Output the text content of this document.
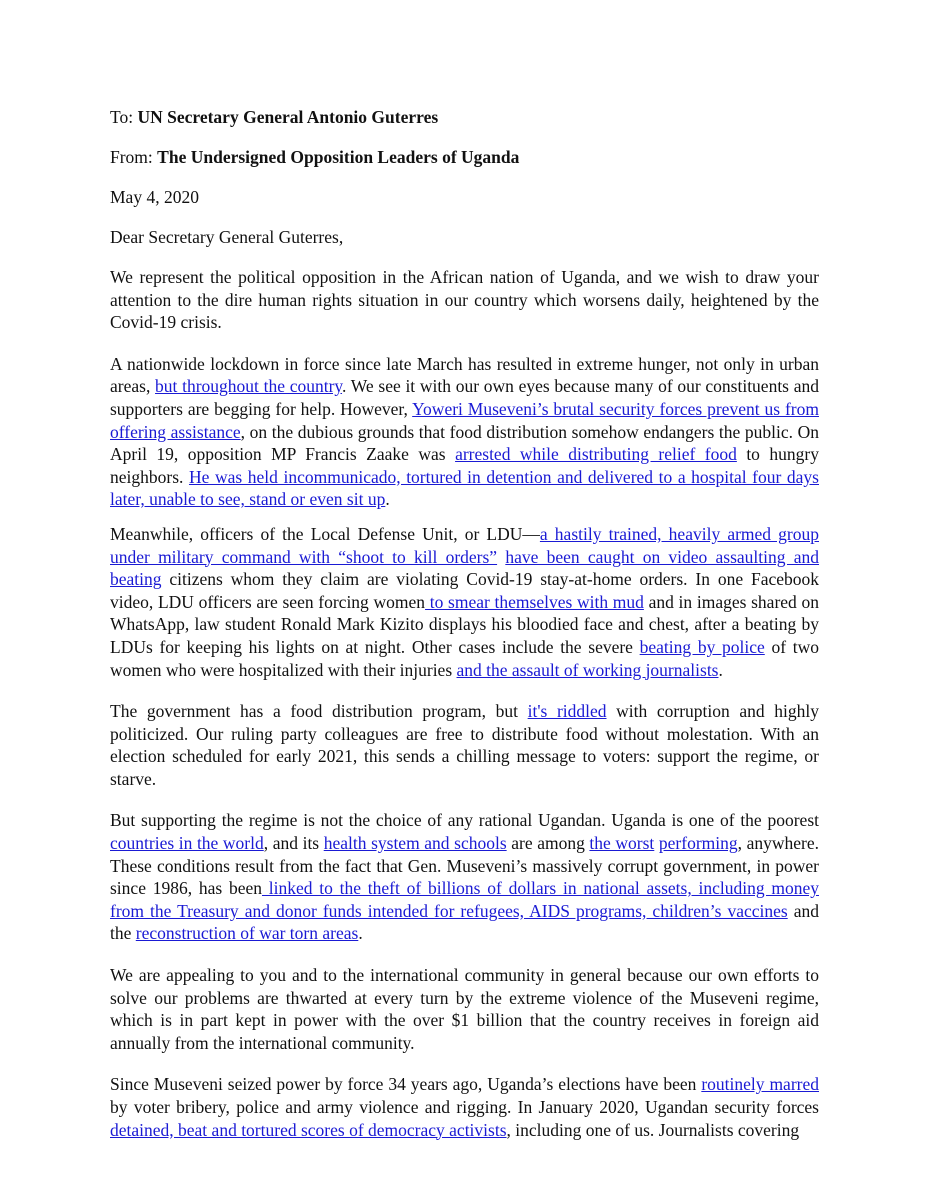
To: UN Secretary General Antonio Guterres
From: The Undersigned Opposition Leaders of Uganda
May 4, 2020
Dear Secretary General Guterres,

We represent the political opposition in the African nation of Uganda, and we wish to draw your attention to the dire human rights situation in our country which worsens daily, heightened by the Covid-19 crisis.

A nationwide lockdown in force since late March has resulted in extreme hunger, not only in urban areas, but throughout the country. We see it with our own eyes because many of our constituents and supporters are begging for help. However, Yoweri Museveni’s brutal security forces prevent us from offering assistance, on the dubious grounds that food distribution somehow endangers the public. On April 19, opposition MP Francis Zaake was arrested while distributing relief food to hungry neighbors. He was held incommunicado, tortured in detention and delivered to a hospital four days later, unable to see, stand or even sit up.

Meanwhile, officers of the Local Defense Unit, or LDU—a hastily trained, heavily armed group under military command with “shoot to kill orders” have been caught on video assaulting and beating citizens whom they claim are violating Covid-19 stay-at-home orders. In one Facebook video, LDU officers are seen forcing women to smear themselves with mud and in images shared on WhatsApp, law student Ronald Mark Kizito displays his bloodied face and chest, after a beating by LDUs for keeping his lights on at night. Other cases include the severe beating by police of two women who were hospitalized with their injuries and the assault of working journalists.

The government has a food distribution program, but it's riddled with corruption and highly politicized. Our ruling party colleagues are free to distribute food without molestation. With an election scheduled for early 2021, this sends a chilling message to voters: support the regime, or starve.

But supporting the regime is not the choice of any rational Ugandan. Uganda is one of the poorest countries in the world, and its health system and schools are among the worst performing, anywhere. These conditions result from the fact that Gen. Museveni’s massively corrupt government, in power since 1986, has been linked to the theft of billions of dollars in national assets, including money from the Treasury and donor funds intended for refugees, AIDS programs, children’s vaccines and the reconstruction of war torn areas.

We are appealing to you and to the international community in general because our own efforts to solve our problems are thwarted at every turn by the extreme violence of the Museveni regime, which is in part kept in power with the over $1 billion that the country receives in foreign aid annually from the international community.

Since Museveni seized power by force 34 years ago, Uganda’s elections have been routinely marred by voter bribery, police and army violence and rigging. In January 2020, Ugandan security forces detained, beat and tortured scores of democracy activists, including one of us. Journalists covering
